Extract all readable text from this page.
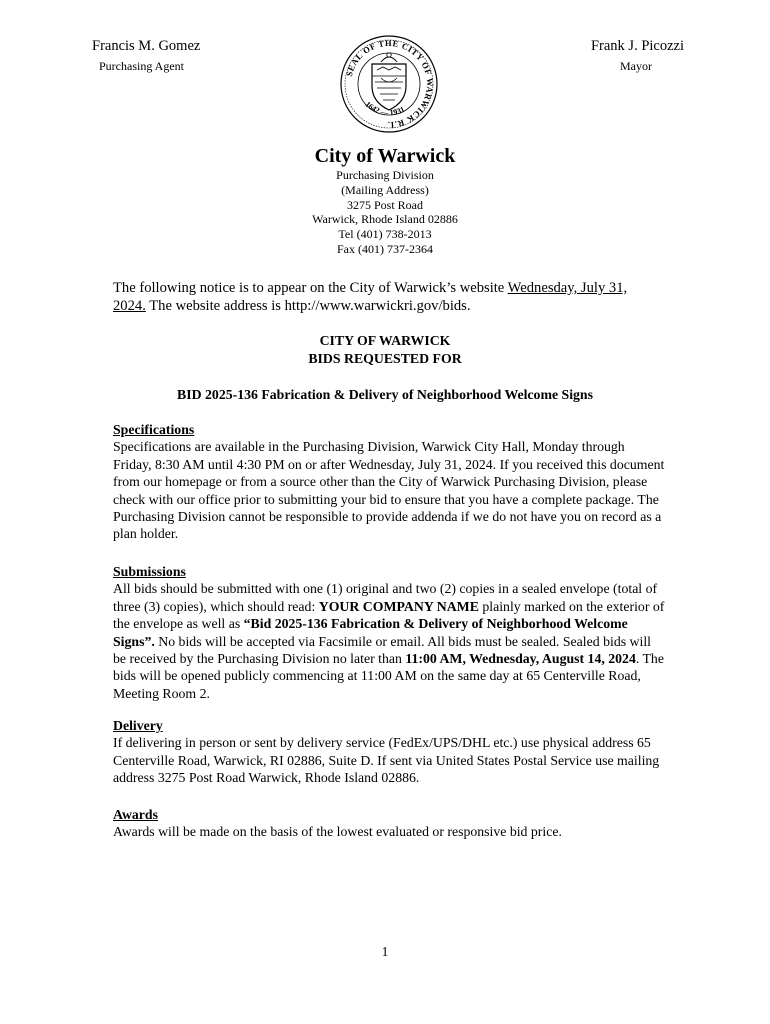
Francis M. Gomez
Purchasing Agent
Frank J. Picozzi
Mayor
SEAL OF THE CITY OF WARWICK R.I.
1642 — 1931
City of Warwick
Purchasing Division
(Mailing Address)
3275 Post Road
Warwick, Rhode Island 02886
Tel (401) 738-2013
Fax (401) 737-2364
The following notice is to appear on the City of Warwick’s website Wednesday, July 31, 2024. The website address is http://www.warwickri.gov/bids.
CITY OF WARWICK
BIDS REQUESTED FOR
BID 2025-136 Fabrication & Delivery of Neighborhood Welcome Signs
Specifications

Specifications are available in the Purchasing Division, Warwick City Hall, Monday through Friday, 8:30 AM until 4:30 PM on or after Wednesday, July 31, 2024. If you received this document from our homepage or from a source other than the City of Warwick Purchasing Division, please check with our office prior to submitting your bid to ensure that you have a complete package. The Purchasing Division cannot be responsible to provide addenda if we do not have you on record as a plan holder.

Submissions

All bids should be submitted with one (1) original and two (2) copies in a sealed envelope (total of three (3) copies), which should read: YOUR COMPANY NAME plainly marked on the exterior of the envelope as well as “Bid 2025-136 Fabrication & Delivery of Neighborhood Welcome Signs”. No bids will be accepted via Facsimile or email. All bids must be sealed. Sealed bids will be received by the Purchasing Division no later than 11:00 AM, Wednesday, August 14, 2024. The bids will be opened publicly commencing at 11:00 AM on the same day at 65 Centerville Road, Meeting Room 2.

Delivery

If delivering in person or sent by delivery service (FedEx/UPS/DHL etc.) use physical address 65 Centerville Road, Warwick, RI 02886, Suite D. If sent via United States Postal Service use mailing address 3275 Post Road Warwick, Rhode Island 02886.

Awards

Awards will be made on the basis of the lowest evaluated or responsive bid price.

1
